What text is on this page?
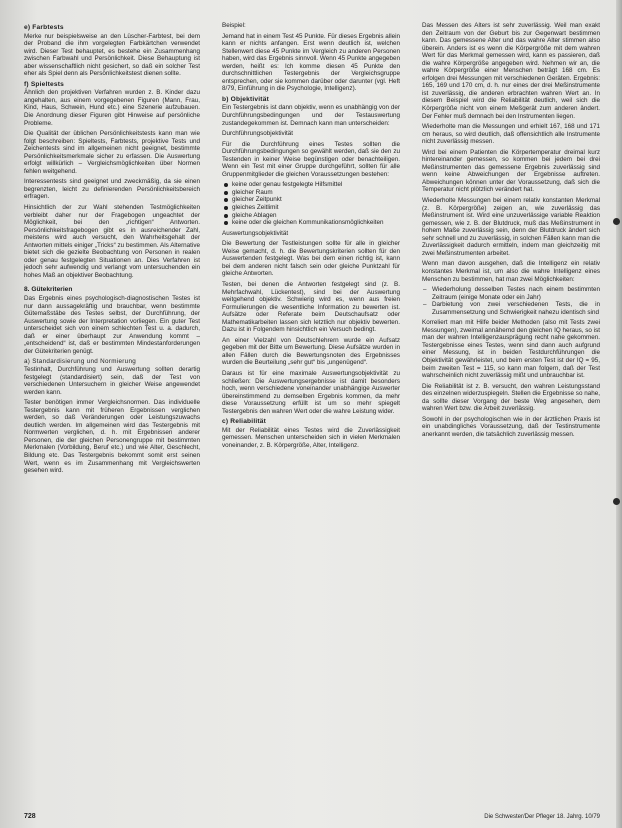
e) Farbtests

Merke nur beispielsweise an den Lüscher-Farbtest, bei dem der Proband die ihm vorgelegten Farbkärtchen verwendet wird. Dieser Test behauptet, es bestehe ein Zusammenhang zwischen Farbwahl und Persönlichkeit. Diese Behauptung ist aber wissenschaftlich nicht gesichert, so daß ein solcher Test eher als Spiel denn als Persönlichkeitstest dienen sollte.

f) Spieltests

Ähnlich den projektiven Verfahren wurden z. B. Kinder dazu angehalten, aus einem vorgegebenen Figuren (Mann, Frau, Kind, Haus, Schwein, Hund etc.) eine Szenerie aufzubauen. Die Anordnung dieser Figuren gibt Hinweise auf persönliche Probleme.

Die Qualität der üblichen Persönlichkeitstests kann man wie folgt beschreiben: Spieltests, Farbtests, projektive Tests und Zeichentests sind im allgemeinen nicht geeignet, bestimmte Persönlichkeitsmerkmale sicher zu erfassen. Die Auswertung erfolgt willkürlich – Vergleichsmöglichkeiten über Normen fehlen weitgehend.

Interessentests sind geeignet und zweckmäßig, da sie einen begrenzten, leicht zu definierenden Persönlichkeitsbereich erfragen.

Hinsichtlich der zur Wahl stehenden Testmöglichkeiten verbleibt daher nur der Fragebogen ungeachtet der Möglichkeit, bei den „richtigen“ Antworten. Persönlichkeitsfragebogen gibt es in ausreichender Zahl, meistens wird auch versucht, den Wahrheitsgehalt der Antworten mittels einiger „Tricks“ zu bestimmen. Als Alternative bietet sich die gezielte Beobachtung von Personen in realen oder genau festgelegten Situationen an. Dies Verfahren ist jedoch sehr aufwendig und verlangt vom untersuchenden ein hohes Maß an objektiver Beobachtung.

8. Gütekriterien

Das Ergebnis eines psychologisch-diagnostischen Testes ist nur dann aussagekräftig und brauchbar, wenn bestimmte Gütemaßstäbe des Testes selbst, der Durchführung, der Auswertung sowie der Interpretation vorliegen. Ein guter Test unterscheidet sich von einem schlechten Test u. a. dadurch, daß er einer überhaupt zur Anwendung kommt – „entscheidend“ ist, daß er bestimmten Mindestanforderungen der Gütekriterien genügt.

a) Standardisierung und Normierung

Testinhalt, Durchführung und Auswertung sollten derartig festgelegt (standardisiert) sein, daß der Test von verschiedenen Untersuchern in gleicher Weise angewendet werden kann.

Tester benötigen immer Vergleichsnormen. Das individuelle Testergebnis kann mit früheren Ergebnissen verglichen werden, so daß Veränderungen oder Leistungszuwachs deutlich werden. Im allgemeinen wird das Testergebnis mit Normwerten verglichen, d. h. mit Ergebnissen anderer Personen, die der gleichen Personengruppe mit bestimmten Merkmalen (Vorbildung, Beruf etc.) und wie Alter, Geschlecht, Bildung etc. Das Testergebnis bekommt somit erst seinen Wert, wenn es im Zusammenhang mit Vergleichswerten gesehen wird.

Beispiel:

Jemand hat in einem Test 45 Punkte. Für dieses Ergebnis allein kann er nichts anfangen. Erst wenn deutlich ist, welchen Stellenwert diese 45 Punkte im Vergleich zu anderen Personen haben, wird das Ergebnis sinnvoll. Wenn 45 Punkte angegeben werden, heißt es: Ich komme diesen 45 Punkte den durchschnittlichen Testergebnis der Vergleichsgruppe entsprechen, oder sie kommen darüber oder darunter (vgl. Heft 8/79, Einführung in die Psychologie, Intelligenz).

b) Objektivität

Ein Testergebnis ist dann objektiv, wenn es unabhängig von der Durchführungsbedingungen und der Testauswertung zustandegekommen ist. Demnach kann man unterscheiden:

Durchführungsobjektivität

Für die Durchführung eines Testes sollten die Durchführungsbedingungen so gewählt werden, daß sie den zu Testenden in keiner Weise begünstigen oder benachteiligen. Wenn ein Test mit einer Gruppe durchgeführt, sollten für alle Gruppenmitglieder die gleichen Voraussetzungen bestehen:

keine oder genau festgelegte Hilfsmittel
gleicher Raum
gleicher Zeitpunkt
gleiches Zeitlimit
gleiche Ablagen
keine oder die gleichen Kommunikationsmöglichkeiten

Auswertungsobjektivität

Die Bewertung der Testleistungen sollte für alle in gleicher Weise gemacht, d. h. die Bewertungskriterien sollten für den Auswertenden festgelegt. Was bei dem einen richtig ist, kann bei dem anderen nicht falsch sein oder gleiche Punktzahl für gleiche Antworten.

Testen, bei denen die Antworten festgelegt sind (z. B. Mehrfachwahl, Lückentest), sind bei der Auswertung weitgehend objektiv. Schwierig wird es, wenn aus freien Formulierungen die wesentliche Information zu bewerten ist. Aufsätze oder Referate beim Deutschaufsatz oder Mathematikarbeiten lassen sich letztlich nur objektiv bewerten. Dazu ist in Folgendem hinsichtlich ein Versuch bedingt.

An einer Vielzahl von Deutschlehrern wurde ein Aufsatz gegeben mit der Bitte um Bewertung. Diese Aufsätze wurden in allen Fällen durch die Bewertungsnoten des Ergebnisses wurden die Beurteilung „sehr gut“ bis „ungenügend“.

Daraus ist für eine maximale Auswertungsobjektivität zu schließen: Die Auswertungsergebnisse ist damit besonders hoch, wenn verschiedene voneinander unabhängige Auswerter übereinstimmend zu demselben Ergebnis kommen, da mehr diese Voraussetzung erfüllt ist um so mehr spiegelt Testergebnis den wahren Wert oder die wahre Leistung wider.

c) Reliabilität

Mit der Reliabilität eines Testes wird die Zuverlässigkeit gemessen. Menschen unterscheiden sich in vielen Merkmalen voneinander, z. B. Körpergröße, Alter, Intelligenz.

Das Messen des Alters ist sehr zuverlässig. Weil man exakt den Zeitraum von der Geburt bis zur Gegenwart bestimmen kann. Das gemessene Alter und das wahre Alter stimmen also überein. Anders ist es wenn die Körpergröße mit dem wahren Wert für das Merkmal gemessen wird, kann es passieren, daß die wahre Körpergröße angegeben wird. Nehmen wir an, die wahre Körpergröße einer Menschen beträgt 168 cm. Es erfolgen drei Messungen mit verschiedenen Geräten. Ergebnis: 165, 169 und 170 cm, d. h. nur eines der drei Meßinstrumente ist zuverlässig, die anderen erbrachten wahren Wert an. In diesem Beispiel wird die Reliabilität deutlich, weil sich die Körpergröße nicht von einem Meßgerät zum anderen ändert. Der Fehler muß demnach bei den Instrumenten liegen.

Wiederholte man die Messungen und erhielt 167, 168 und 171 cm heraus, so wird deutlich, daß offensichtlich alle Instrumente nicht zuverlässig messen.

Wird bei einem Patienten die Körpertemperatur dreimal kurz hintereinander gemessen, so kommen bei jedem bei drei Meßinstrumenten das gemessene Ergebnis zuverlässig sind wenn keine Abweichungen der Ergebnisse auftreten. Abweichungen können unter der Voraussetzung, daß sich die Temperatur nicht plötzlich verändert hat.

Wiederholte Messungen bei einem relativ konstanten Merkmal (z. B. Körpergröße) zeigen an, wie zuverlässig das Meßinstrument ist. Wird eine unzuverlässige variable Reaktion gemessen, wie z. B. der Blutdruck, muß das Meßinstrument in hohem Maße zuverlässig sein, denn der Blutdruck ändert sich sehr schnell und zu zuverlässig, in solchen Fällen kann man die Zuverlässigkeit dadurch ermitteln, indem man gleichzeitig mit zwei Meßinstrumenten arbeitet.

Wenn man davon ausgehen, daß die Intelligenz ein relativ konstantes Merkmal ist, um also die wahre Intelligenz eines Menschen zu bestimmen, hat man zwei Möglichkeiten:

– Wiederholung desselben Testes nach einem bestimmten Zeitraum (einige Monate oder ein Jahr)
– Darbietung von zwei verschiedenen Tests, die in Zusammensetzung und Schwierigkeit nahezu identisch sind

Korreliert man mit Hilfe beider Methoden (also mit Tests zwei Messungen), zweimal annähernd den gleichen IQ heraus, so ist man der wahren Intelligenzausprägung recht nahe gekommen. Testergebnisse eines Testes, wenn sind dann auch aufgrund einer Messung, ist in beiden Testdurchführungen die Objektivität gewährleistet, und beim ersten Test ist der IQ = 95, beim zweiten Test = 115, so kann man folgern, daß der Test wahrscheinlich nicht zuverlässig mißt und unbrauchbar ist.

Die Reliabilität ist z. B. versucht, den wahren Leistungsstand des einzelnen widerzuspiegeln. Stellen die Ergebnisse so nahe, da sollte dieser Vorgang der beste Weg angesehen, dem wahren Wert bzw. die Arbeit zuverlässig.

Sowohl in der psychologischen wie in der ärztlichen Praxis ist ein unabdingliches Voraussetzung, daß der Testinstrumente anerkannt werden, die tatsächlich zuverlässig messen.

728	Die Schwester/Der Pfleger 18. Jahrg. 10/79
